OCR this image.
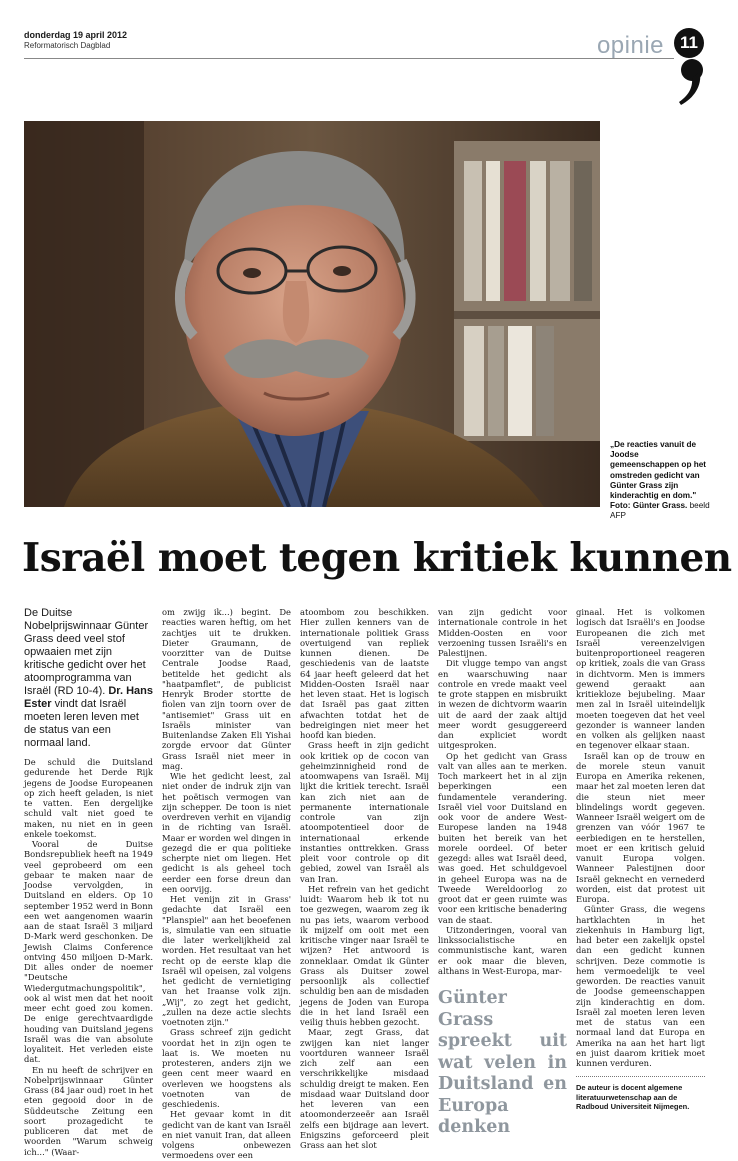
donderdag 19 april 2012
Reformatorisch Dagblad	opinie 11
„De reacties vanuit de Joodse gemeenschappen op het omstreden gedicht van Günter Grass zijn kinderachtig en dom." Foto: Günter Grass. beeld AFP
Israël moet tegen kritiek kunnen
De Duitse Nobelprijswinnaar Günter Grass deed veel stof opwaaien met zijn kritische gedicht over het atoomprogramma van Israël (RD 10-4). Dr. Hans Ester vindt dat Israël moeten leren leven met de status van een normaal land.

De schuld die Duitsland gedurende het Derde Rijk jegens de Joodse Europeanen op zich heeft geladen, is niet te vatten. Een dergelijke schuld valt niet goed te maken, nu niet en in geen enkele toekomst.

Vooral de Duitse Bondsrepubliek heeft na 1949 veel geprobeerd om een gebaar te maken naar de Joodse vervolgden, in Duitsland en elders. Op 10 september 1952 werd in Bonn een wet aangenomen waarin aan de staat Israël 3 miljard D-Mark werd geschonken. De Jewish Claims Conference ontving 450 miljoen D-Mark. Dit alles onder de noemer "Deutsche Wiedergutmachungspolitik", ook al wist men dat het nooit meer echt goed zou komen. De enige gerechtvaardigde houding van Duitsland jegens Israël was die van absolute loyaliteit. Het verleden eiste dat.

En nu heeft de schrijver en Nobelprijswinnaar Günter Grass (84 jaar oud) roet in het eten gegooid door in de Süddeutsche Zeitung een soort prozagedicht te publiceren dat met de woorden "Warum schweig ich..." (Waar-

om zwijg ik...) begint. De reacties waren heftig, om het zachtjes uit te drukken. Dieter Graumann, de voorzitter van de Duitse Centrale Joodse Raad, betitelde het gedicht als "haatpamflet", de publicist Henryk Broder stortte de fiolen van zijn toorn over de "antisemiet" Grass uit en Israëls minister van Buitenlandse Zaken Eli Yishai zorgde ervoor dat Günter Grass Israël niet meer in mag.

Wie het gedicht leest, zal niet onder de indruk zijn van het poëtisch vermogen van zijn schepper. De toon is niet overdreven verhit en vijandig in de richting van Israël. Maar er worden wel dingen in gezegd die er qua politieke scherpte niet om liegen. Het gedicht is als geheel toch eerder een forse dreun dan een oorvijg.

Het venijn zit in Grass' gedachte dat Israël een "Planspiel" aan het beoefenen is, simulatie van een situatie die later werkelijkheid zal worden. Het resultaat van het recht op de eerste klap die Israël wil opeisen, zal volgens het gedicht de vernietiging van het Iraanse volk zijn. „Wij", zo zegt het gedicht, „zullen na deze actie slechts voetnoten zijn."

Grass schreef zijn gedicht voordat het in zijn ogen te laat is. We moeten nu protesteren, anders zijn we geen cent meer waard en overleven we hoogstens als voetnoten van de geschiedenis.

Het gevaar komt in dit gedicht van de kant van Israël en niet vanuit Iran, dat alleen volgens onbewezen vermoedens over een

atoombom zou beschikken. Hier zullen kenners van de internationale politiek Grass overtuigend van repliek kunnen dienen. De geschiedenis van de laatste 64 jaar heeft geleerd dat het Midden-Oosten Israël naar het leven staat. Het is logisch dat Israël pas gaat zitten afwachten totdat het de bedreigingen niet meer het hoofd kan bieden.

Grass heeft in zijn gedicht ook kritiek op de cocon van geheimzinnigheid rond de atoomwapens van Israël. Mij lijkt die kritiek terecht. Israël kan zich niet aan de permanente internationale controle van zijn atoompotentieel door de internationaal erkende instanties onttrekken. Grass pleit voor controle op dit gebied, zowel van Israël als van Iran.

Het refrein van het gedicht luidt: Waarom heb ik tot nu toe gezwegen, waarom zeg ik nu pas iets, waarom verbood ik mijzelf om ooit met een kritische vinger naar Israël te wijzen? Het antwoord is zonneklaar. Omdat ik Günter Grass als Duitser zowel persoonlijk als collectief schuldig ben aan de misdaden jegens de Joden van Europa die in het land Israël een veilig thuis hebben gezocht.

Maar, zegt Grass, dat zwijgen kan niet langer voortduren wanneer Israël zich zelf aan een verschrikkelijke misdaad schuldig dreigt te maken. Een misdaad waar Duitsland door het leveren van een atoomonderzeeër aan Israël zelfs een bijdrage aan levert. Enigszins geforceerd pleit Grass aan het slot

van zijn gedicht voor internationale controle in het Midden-Oosten en voor verzoening tussen Israëli's en Palestijnen.

Dit vlugge tempo van angst en waarschuwing naar controle en vrede maakt veel te grote stappen en misbruikt in wezen de dichtvorm waarin uit de aard der zaak altijd meer wordt gesuggereerd dan expliciet wordt uitgesproken.

Op het gedicht van Grass valt van alles aan te merken. Toch markeert het in al zijn beperkingen een fundamentele verandering. Israël viel voor Duitsland en ook voor de andere West-Europese landen na 1948 buiten het bereik van het morele oordeel. Of beter gezegd: alles wat Israël deed, was goed. Het schuldgevoel in geheel Europa was na de Tweede Wereldoorlog zo groot dat er geen ruimte was voor een kritische benadering van de staat.

Uitzonderingen, vooral van linkssocialistische en communistische kant, waren er ook maar die bleven, althans in West-Europa, mar-

Günter Grass spreekt uit wat velen in Duitsland en Europa denken

ginaal. Het is volkomen logisch dat Israëli's en Joodse Europeanen die zich met Israël vereenzelvigen buitenproportioneel reageren op kritiek, zoals die van Grass in dichtvorm. Men is immers gewend geraakt aan kritiekloze bejubeling. Maar men zal in Israël uiteindelijk moeten toegeven dat het veel gezonder is wanneer landen en volken als gelijken naast en tegenover elkaar staan.

Israël kan op de trouw en de morele steun vanuit Europa en Amerika rekenen, maar het zal moeten leren dat die steun niet meer blindelings wordt gegeven. Wanneer Israël weigert om de grenzen van vóór 1967 te eerbiedigen en te herstellen, moet er een kritisch geluid vanuit Europa volgen. Wanneer Palestijnen door Israël geknecht en vernederd worden, eist dat protest uit Europa.

Günter Grass, die wegens hartklachten in het ziekenhuis in Hamburg ligt, had beter een zakelijk opstel dan een gedicht kunnen schrijven. Deze commotie is hem vermoedelijk te veel geworden. De reacties vanuit de Joodse gemeenschappen zijn kinderachtig en dom. Israël zal moeten leren leven met de status van een normaal land dat Europa en Amerika na aan het hart ligt en juist daarom kritiek moet kunnen verduren.

De auteur is docent algemene literatuurwetenschap aan de Radboud Universiteit Nijmegen.
